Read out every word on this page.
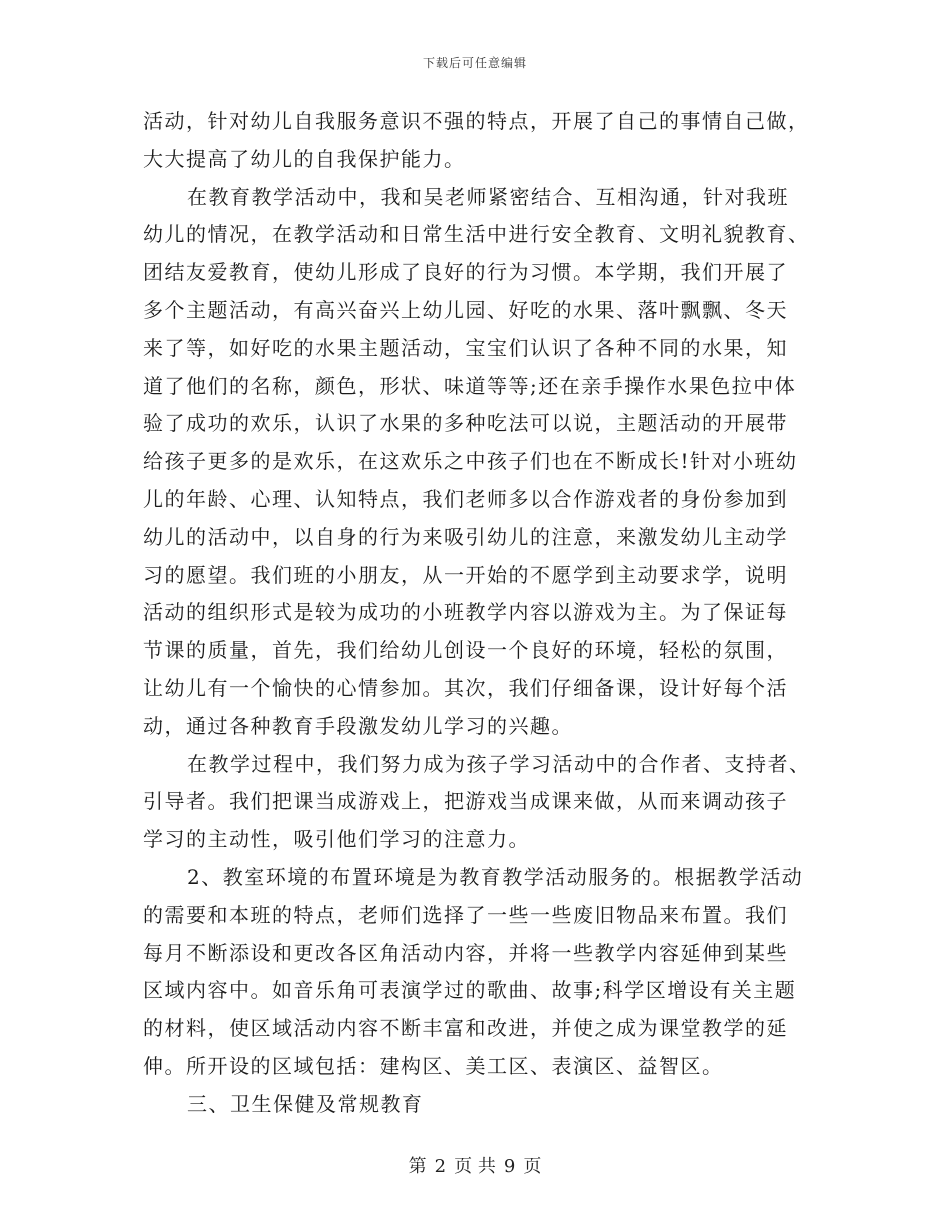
下载后可任意编辑
活动，针对幼儿自我服务意识不强的特点，开展了自己的事情自己做，
大大提高了幼儿的自我保护能力。
在教育教学活动中，我和吴老师紧密结合、互相沟通，针对我班
幼儿的情况，在教学活动和日常生活中进行安全教育、文明礼貌教育、
团结友爱教育，使幼儿形成了良好的行为习惯。本学期，我们开展了
多个主题活动，有高兴奋兴上幼儿园、好吃的水果、落叶飘飘、冬天
来了等，如好吃的水果主题活动，宝宝们认识了各种不同的水果，知
道了他们的名称，颜色，形状、味道等等;还在亲手操作水果色拉中体
验了成功的欢乐，认识了水果的多种吃法可以说，主题活动的开展带
给孩子更多的是欢乐，在这欢乐之中孩子们也在不断成长!针对小班幼
儿的年龄、心理、认知特点，我们老师多以合作游戏者的身份参加到
幼儿的活动中，以自身的行为来吸引幼儿的注意，来激发幼儿主动学
习的愿望。我们班的小朋友，从一开始的不愿学到主动要求学，说明
活动的组织形式是较为成功的小班教学内容以游戏为主。为了保证每
节课的质量，首先，我们给幼儿创设一个良好的环境，轻松的氛围，
让幼儿有一个愉快的心情参加。其次，我们仔细备课，设计好每个活
动，通过各种教育手段激发幼儿学习的兴趣。
在教学过程中，我们努力成为孩子学习活动中的合作者、支持者、
引导者。我们把课当成游戏上，把游戏当成课来做，从而来调动孩子
学习的主动性，吸引他们学习的注意力。
2、教室环境的布置环境是为教育教学活动服务的。根据教学活动
的需要和本班的特点，老师们选择了一些一些废旧物品来布置。我们
每月不断添设和更改各区角活动内容，并将一些教学内容延伸到某些
区域内容中。如音乐角可表演学过的歌曲、故事;科学区增设有关主题
的材料，使区域活动内容不断丰富和改进，并使之成为课堂教学的延
伸。所开设的区域包括：建构区、美工区、表演区、益智区。
三、卫生保健及常规教育
第 2 页 共 9 页
